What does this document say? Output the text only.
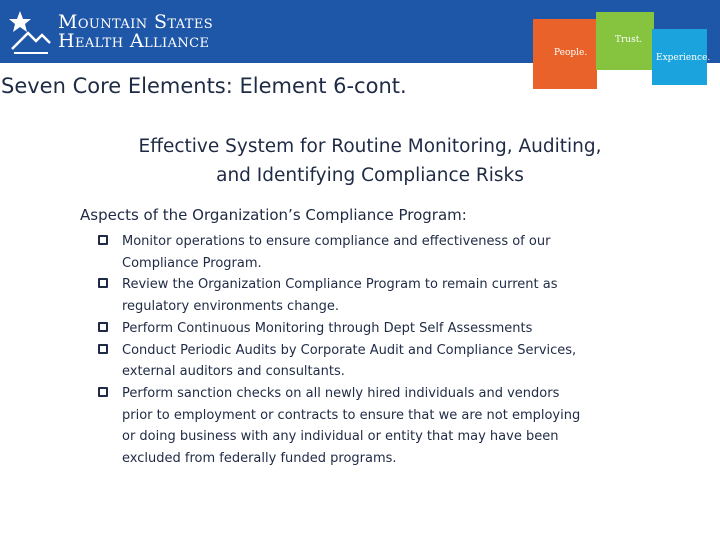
Mountain States
Health Alliance
People.
Trust.
Experience.
Seven Core Elements: Element 6-cont.
Effective System for Routine Monitoring, Auditing,
and Identifying Compliance Risks
Aspects of the Organization’s Compliance Program:
Monitor operations to ensure compliance and effectiveness of our
Compliance Program.
Review the Organization Compliance Program to remain current as
regulatory environments change.
Perform Continuous Monitoring through Dept Self Assessments
Conduct Periodic Audits by Corporate Audit and Compliance Services,
external auditors and consultants.
Perform sanction checks on all newly hired individuals and vendors
prior to employment or contracts to ensure that we are not employing
or doing business with any individual or entity that may have been
excluded from federally funded programs.
